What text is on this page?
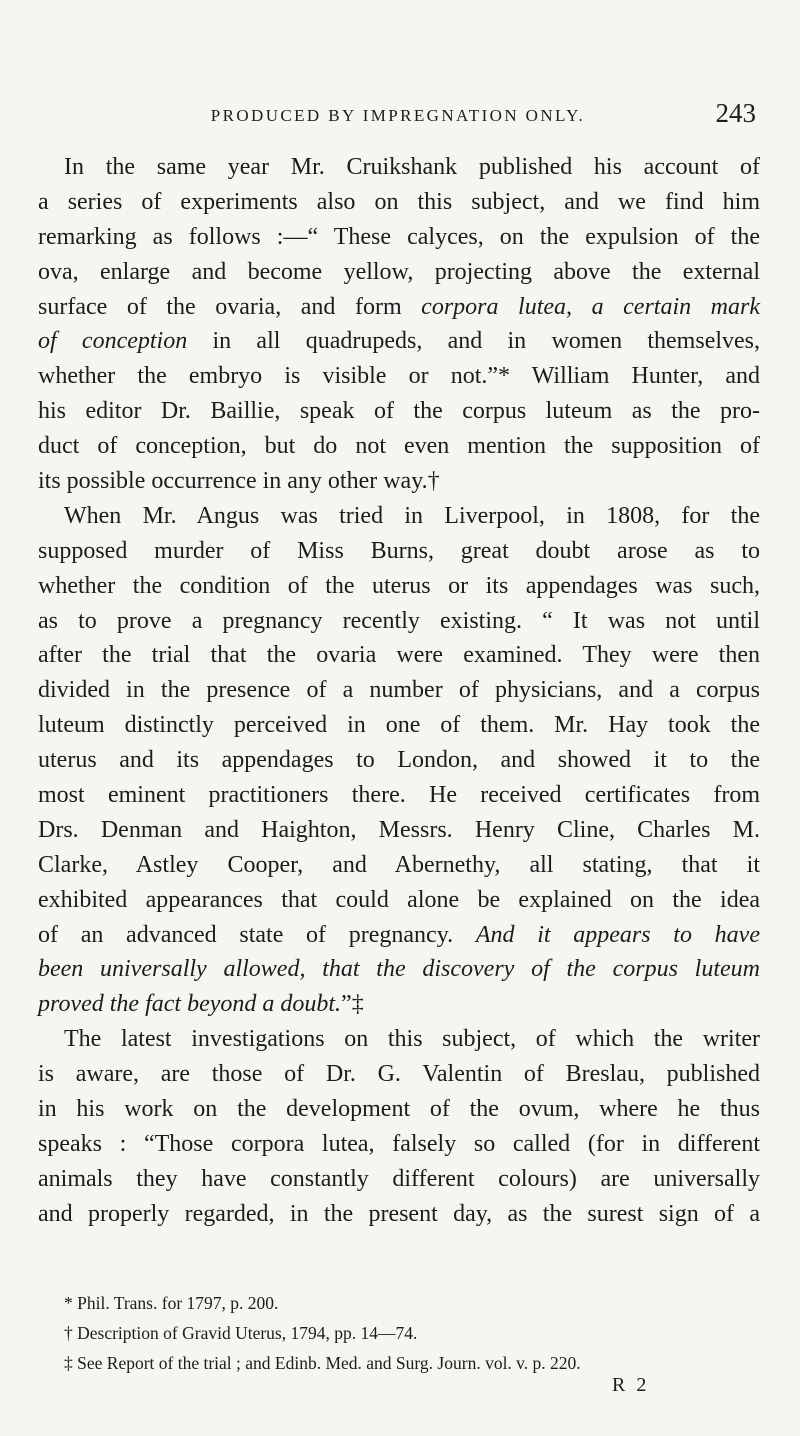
PRODUCED BY IMPREGNATION ONLY.	243
In the same year Mr. Cruikshank published his account of
a series of experiments also on this subject, and we find him
remarking as follows :—“ These calyces, on the expulsion of the
ova, enlarge and become yellow, projecting above the external
surface of the ovaria, and form corpora lutea, a certain mark
of conception in all quadrupeds, and in women themselves,
whether the embryo is visible or not.”* William Hunter, and
his editor Dr. Baillie, speak of the corpus luteum as the pro-
duct of conception, but do not even mention the supposition of
its possible occurrence in any other way.†
When Mr. Angus was tried in Liverpool, in 1808, for the
supposed murder of Miss Burns, great doubt arose as to
whether the condition of the uterus or its appendages was such,
as to prove a pregnancy recently existing. “ It was not until
after the trial that the ovaria were examined. They were then
divided in the presence of a number of physicians, and a corpus
luteum distinctly perceived in one of them. Mr. Hay took the
uterus and its appendages to London, and showed it to the
most eminent practitioners there. He received certificates from
Drs. Denman and Haighton, Messrs. Henry Cline, Charles M.
Clarke, Astley Cooper, and Abernethy, all stating, that it
exhibited appearances that could alone be explained on the idea
of an advanced state of pregnancy. And it appears to have
been universally allowed, that the discovery of the corpus luteum
proved the fact beyond a doubt.”‡
The latest investigations on this subject, of which the writer
is aware, are those of Dr. G. Valentin of Breslau, published
in his work on the development of the ovum, where he thus
speaks : “Those corpora lutea, falsely so called (for in different
animals they have constantly different colours) are universally
and properly regarded, in the present day, as the surest sign of a
* Phil. Trans. for 1797, p. 200.
† Description of Gravid Uterus, 1794, pp. 14—74.
‡ See Report of the trial ; and Edinb. Med. and Surg. Journ. vol. v. p. 220.
R 2
